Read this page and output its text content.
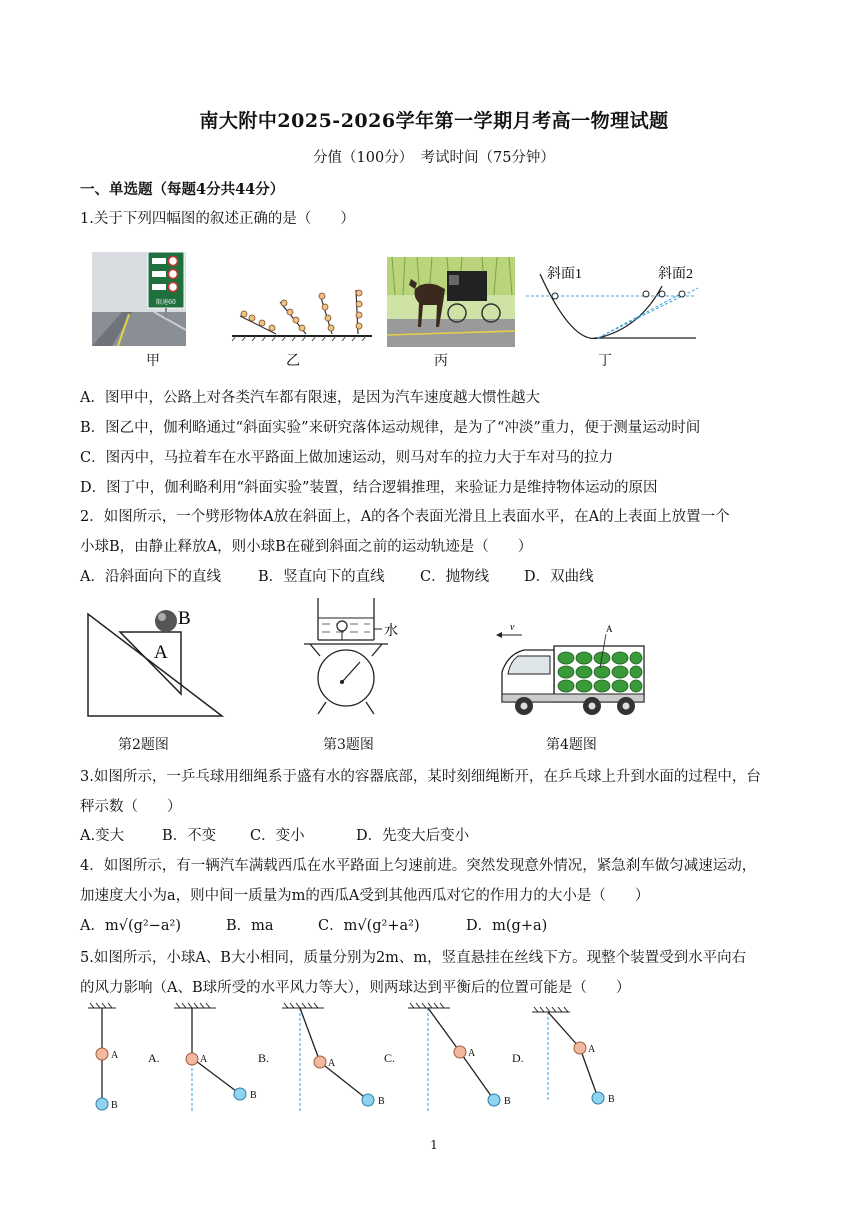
南大附中2025-2026学年第一学期月考高一物理试题
分值（100分）　考试时间（75分钟）
一、单选题（每题4分共44分）
1.关于下列四幅图的叙述正确的是（　　）
限速60
甲	乙	丙
斜面1	斜面2
丁
A．图甲中，公路上对各类汽车都有限速，是因为汽车速度越大惯性越大
B．图乙中，伽利略通过“斜面实验”来研究落体运动规律，是为了“冲淡”重力，便于测量运动时间
C．图丙中，马拉着车在水平路面上做加速运动，则马对车的拉力大于车对马的拉力
D．图丁中，伽利略利用“斜面实验”装置，结合逻辑推理，来验证力是维持物体运动的原因
2．如图所示，一个劈形物体A放在斜面上，A的各个表面光滑且上表面水平，在A的上表面上放置一个
小球B，由静止释放A，则小球B在碰到斜面之前的运动轨迹是（　　）
A．沿斜面向下的直线	B．竖直向下的直线 C．抛物线 D．双曲线
B
A
第2题图
水
第3题图
v	A
第4题图
3.如图所示，一乒乓球用细绳系于盛有水的容器底部，某时刻细绳断开，在乒乓球上升到水面的过程中，台
秤示数（　　）
A.变大	B．不变 C．变小	D．先变大后变小
4．如图所示，有一辆汽车满载西瓜在水平路面上匀速前进。突然发现意外情况，紧急刹车做匀减速运动，
加速度大小为a，则中间一质量为m的西瓜A受到其他西瓜对它的作用力的大小是（　　）
A．m√(g²−a²)	B．ma	C．m√(g²+a²)	D．m(g+a)
5.如图所示，小球A、B大小相同，质量分别为2m、m，竖直悬挂在丝线下方。现整个装置受到水平向右
的风力影响（A、B球所受的水平风力等大），则两球达到平衡后的位置可能是（　　）
A
B
A
B
A
B
A
B
A
B
A.	B.	C.	D.
1
